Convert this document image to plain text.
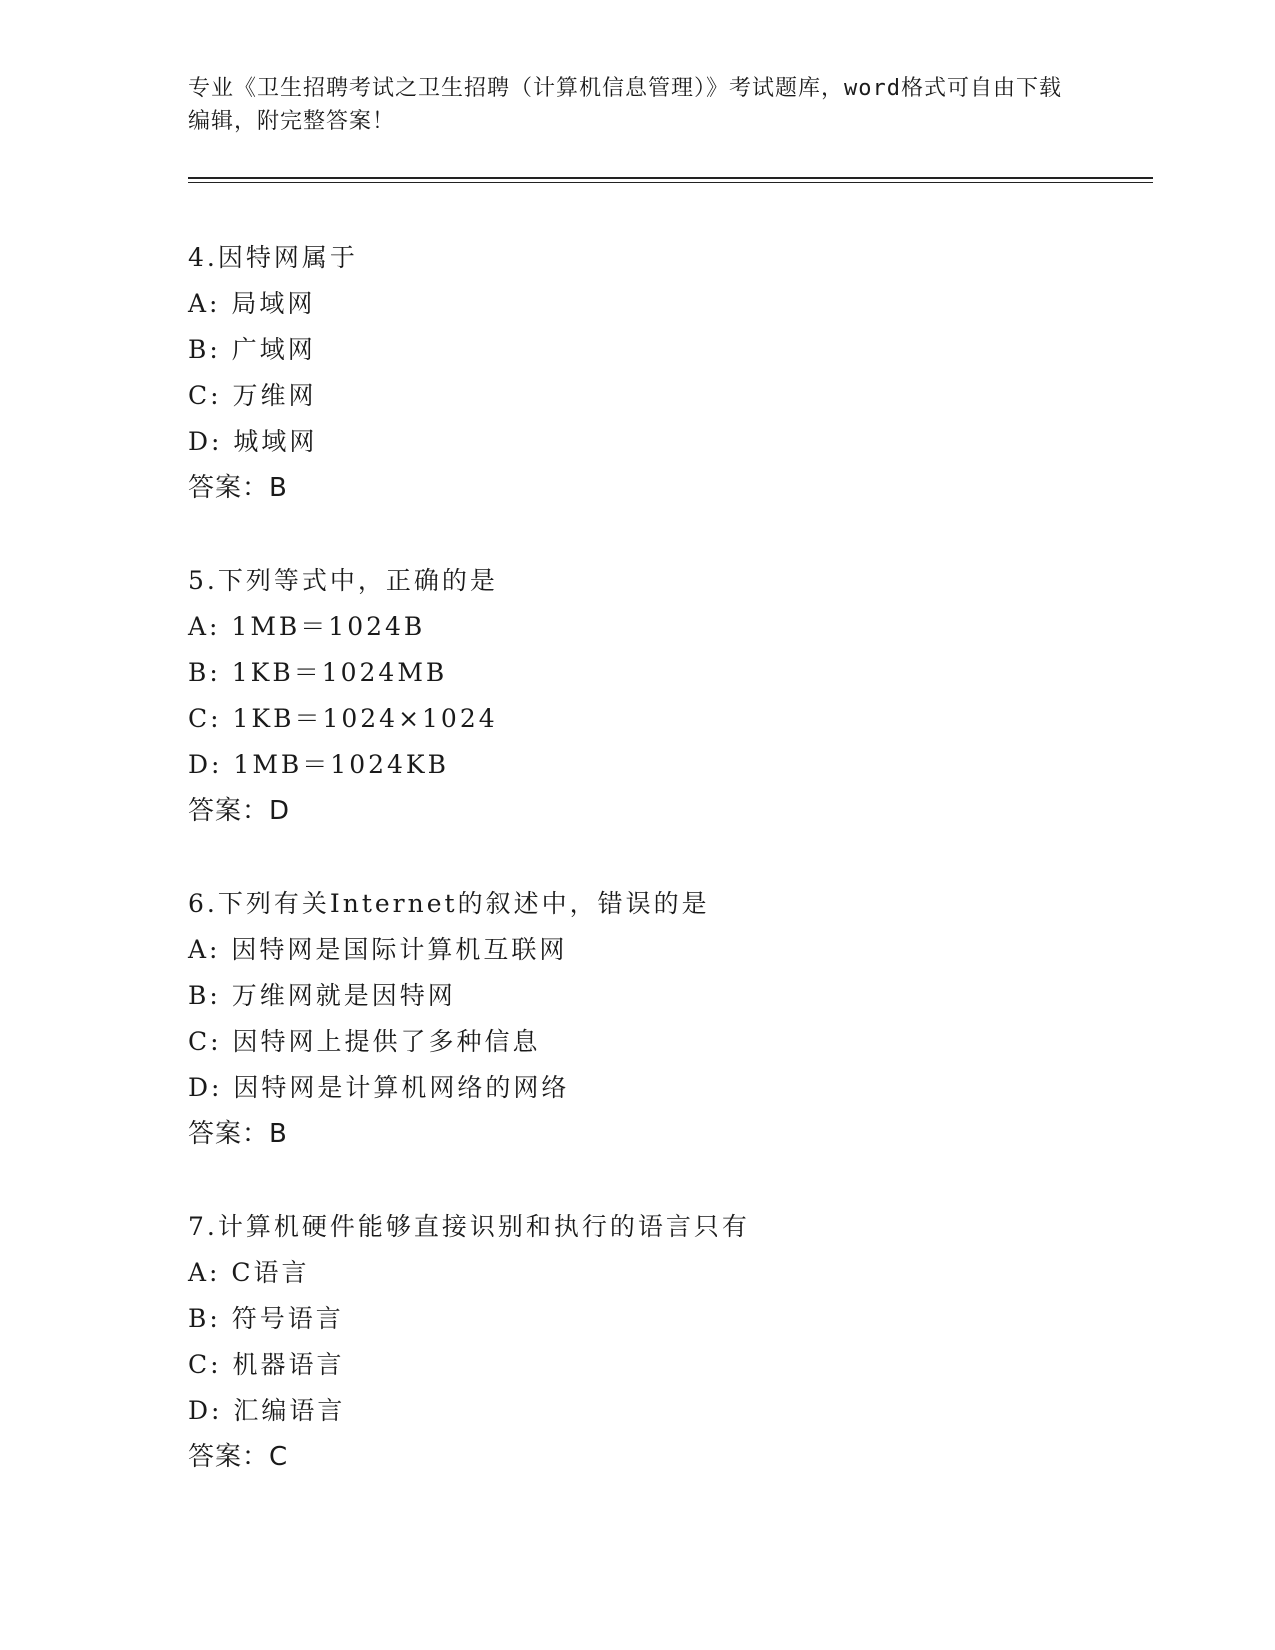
专业《卫生招聘考试之卫生招聘（计算机信息管理）》考试题库，word格式可自由下载编辑，附完整答案！
4.因特网属于
A: 局域网
B: 广域网
C: 万维网
D: 城域网
答案：B
5.下列等式中，正确的是
A: 1MB＝1024B
B: 1KB＝1024MB
C: 1KB＝1024×1024
D: 1MB＝1024KB
答案：D
6.下列有关Internet的叙述中，错误的是
A: 因特网是国际计算机互联网
B: 万维网就是因特网
C: 因特网上提供了多种信息
D: 因特网是计算机网络的网络
答案：B
7.计算机硬件能够直接识别和执行的语言只有
A: C语言
B: 符号语言
C: 机器语言
D: 汇编语言
答案：C
